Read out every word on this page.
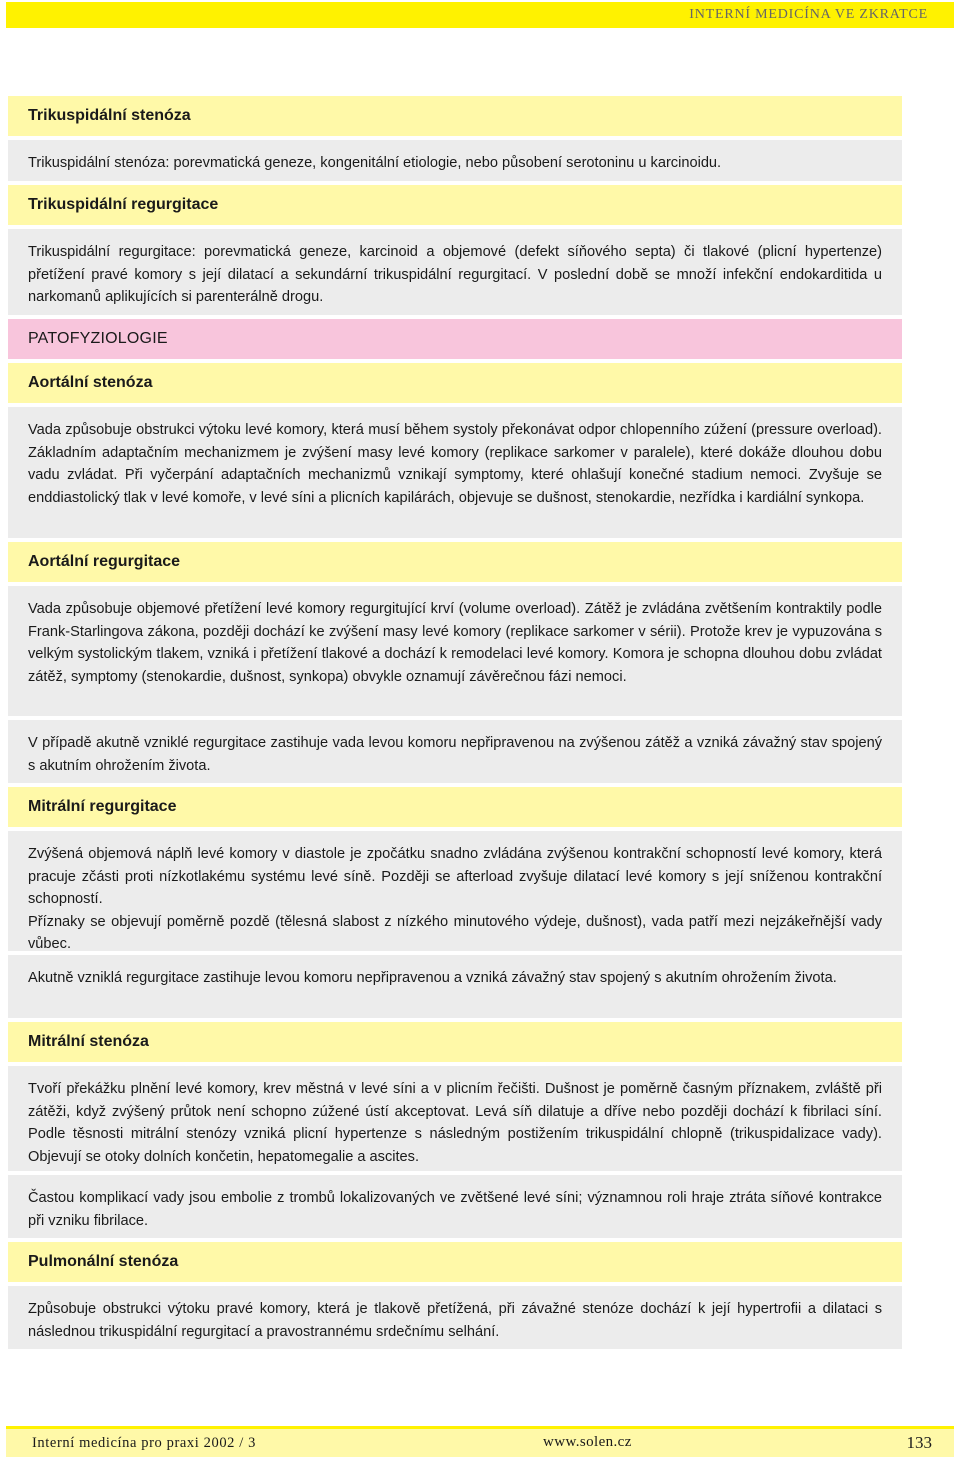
INTERNÍ MEDICÍNA VE ZKRATCE
Trikuspidální stenóza

Trikuspidální stenóza: porevmatická geneze, kongenitální etiologie, nebo působení serotoninu u karcinoidu.

Trikuspidální regurgitace

Trikuspidální regurgitace: porevmatická geneze, karcinoid a objemové (defekt síňového septa) či tlakové (plicní hypertenze) přetížení pravé komory s její dilatací a sekundární trikuspidální regurgitací. V poslední době se množí infekční endokarditida u narkomanů aplikujících si parenterálně drogu.

PATOFYZIOLOGIE
Aortální stenóza

Vada způsobuje obstrukci výtoku levé komory, která musí během systoly překonávat odpor chlopenního zúžení (pressure overload). Základním adaptačním mechanizmem je zvýšení masy levé komory (replikace sarkomer v paralele), které dokáže dlouhou dobu vadu zvládat. Při vyčerpání adaptačních mechanizmů vznikají symptomy, které ohlašují konečné stadium nemoci. Zvyšuje se enddiastolický tlak v levé komoře, v levé síni a plicních kapilárách, objevuje se dušnost, stenokardie, nezřídka i kardiální synkopa.

Aortální regurgitace

Vada způsobuje objemové přetížení levé komory regurgitující krví (volume overload). Zátěž je zvládána zvětšením kontraktily podle Frank-Starlingova zákona, později dochází ke zvýšení masy levé komory (replikace sarkomer v sérii). Protože krev je vypuzována s velkým systolickým tlakem, vzniká i přetížení tlakové a dochází k remodelaci levé komory. Komora je schopna dlouhou dobu zvládat zátěž, symptomy (stenokardie, dušnost, synkopa) obvykle oznamují závěrečnou fázi nemoci.

V případě akutně vzniklé regurgitace zastihuje vada levou komoru nepřipravenou na zvýšenou zátěž a vzniká závažný stav spojený s akutním ohrožením života.

Mitrální regurgitace

Zvýšená objemová náplň levé komory v diastole je zpočátku snadno zvládána zvýšenou kontrakční schopností levé komory, která pracuje zčásti proti nízkotlakému systému levé síně. Později se afterload zvyšuje dilatací levé komory s její sníženou kontrakční schopností.

Příznaky se objevují poměrně pozdě (tělesná slabost z nízkého minutového výdeje, dušnost), vada patří mezi nejzákeřnější vady vůbec.

Akutně vzniklá regurgitace zastihuje levou komoru nepřipravenou a vzniká závažný stav spojený s akutním ohrožením života.

Mitrální stenóza

Tvoří překážku plnění levé komory, krev městná v levé síni a v plicním řečišti. Dušnost je poměrně časným příznakem, zvláště při zátěži, když zvýšený průtok není schopno zúžené ústí akceptovat. Levá síň dilatuje a dříve nebo později dochází k fibrilaci síní. Podle těsnosti mitrální stenózy vzniká plicní hypertenze s následným postižením trikuspidální chlopně (trikuspidalizace vady). Objevují se otoky dolních končetin, hepatomegalie a ascites.

Častou komplikací vady jsou embolie z trombů lokalizovaných ve zvětšené levé síni; významnou roli hraje ztráta síňové kontrakce při vzniku fibrilace.

Pulmonální stenóza

Způsobuje obstrukci výtoku pravé komory, která je tlakově přetížená, při závažné stenóze dochází k její hypertrofii a dilataci s následnou trikuspidální regurgitací a pravostrannému srdečnímu selhání.

Interní medicína pro praxi 2002 / 3	www.solen.cz	133
